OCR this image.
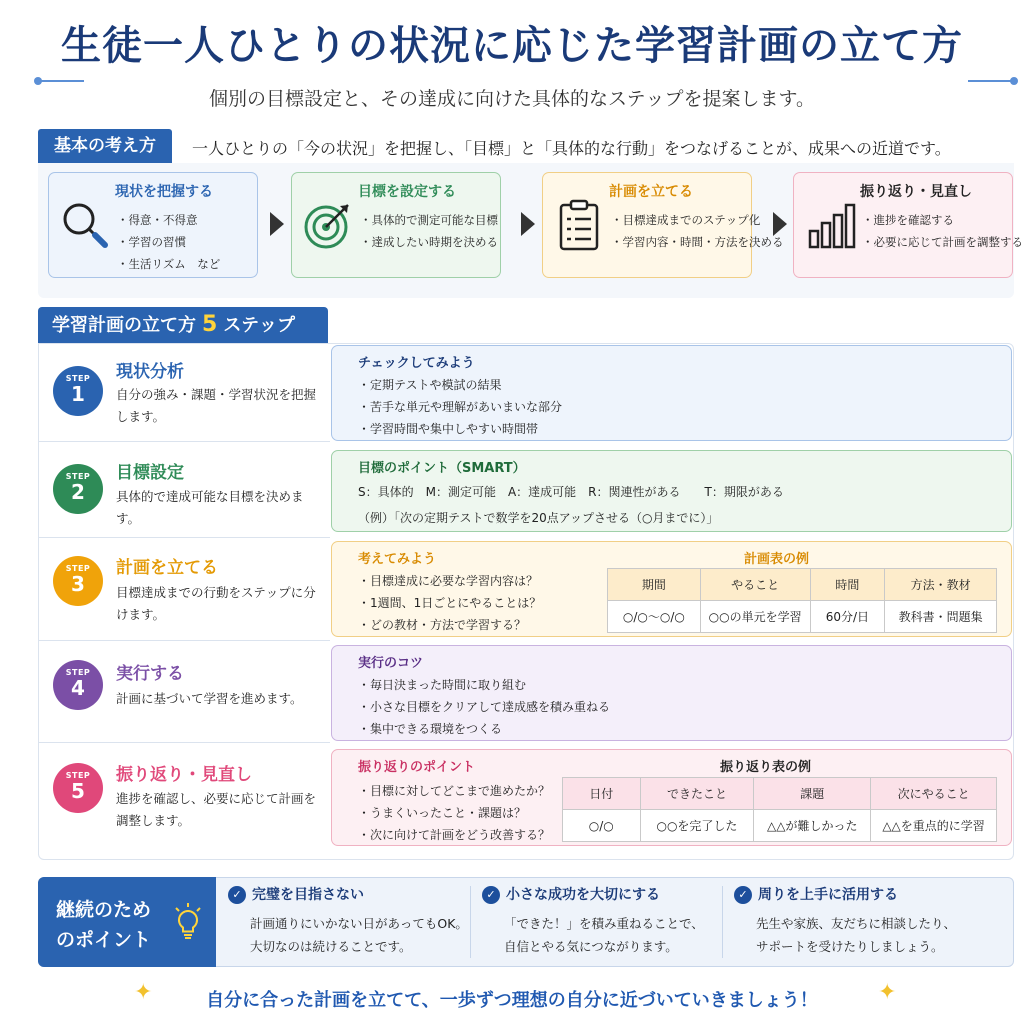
生徒一人ひとりの状況に応じた学習計画の立て方
個別の目標設定と、その達成に向けた具体的なステップを提案します。
基本の考え方	一人ひとりの「今の状況」を把握し、「目標」と「具体的な行動」をつなげることが、成果への近道です。
現状を把握する
・ 得意・不得意
・ 学習の習慣
・ 生活リズム　など
目標を設定する
・ 具体的で測定可能な目標
・ 達成したい時期を決める
計画を立てる
・ 目標達成までのステップ化
・ 学習内容・時間・方法を決める
振り返り・見直し
・ 進捗を確認する
・ 必要に応じて計画を調整する
学習計画の立て方 5 ステップ
STEP
1
現状分析
自分の強み・課題・学習状況を把握します。
チェックしてみよう
・ 定期テストや模試の結果
・ 苦手な単元や理解があいまいな部分
・ 学習時間や集中しやすい時間帯
STEP
2
目標設定
具体的で達成可能な目標を決めます。
目標のポイント（SMART）
S：具体的　M：測定可能　A：達成可能　R：関連性がある　　T：期限がある
（例）「次の定期テストで数学を20点アップさせる（○月までに）」
STEP
3
計画を立てる
目標達成までの行動をステップに分けます。
考えてみよう
・ 目標達成に必要な学習内容は？
・ 1週間、1日ごとにやることは？
・ どの教材・方法で学習する？
計画表の例
期間	やること	時間	方法・教材
○/○〜○/○	○○の単元を学習	60分/日	教科書・問題集
STEP
4
実行する
計画に基づいて学習を進めます。
実行のコツ
・ 毎日決まった時間に取り組む
・ 小さな目標をクリアして達成感を積み重ねる
・ 集中できる環境をつくる
STEP
5
振り返り・見直し
進捗を確認し、必要に応じて計画を調整します。
振り返りのポイント
・ 目標に対してどこまで進めたか？
・ うまくいったこと・課題は？
・ 次に向けて計画をどう改善する？
振り返り表の例
日付	できたこと	課題	次にやること
○/○	○○を完了した	△△が難しかった	△△を重点的に学習
継続のため
のポイント
✓ 完璧を目指さない
計画通りにいかない日があってもOK。
大切なのは続けることです。
✓ 小さな成功を大切にする
「できた！」を積み重ねることで、
自信とやる気につながります。
✓ 周りを上手に活用する
先生や家族、友だちに相談したり、
サポートを受けたりしましょう。
✦	✦
自分に合った計画を立てて、一歩ずつ理想の自分に近づいていきましょう！
